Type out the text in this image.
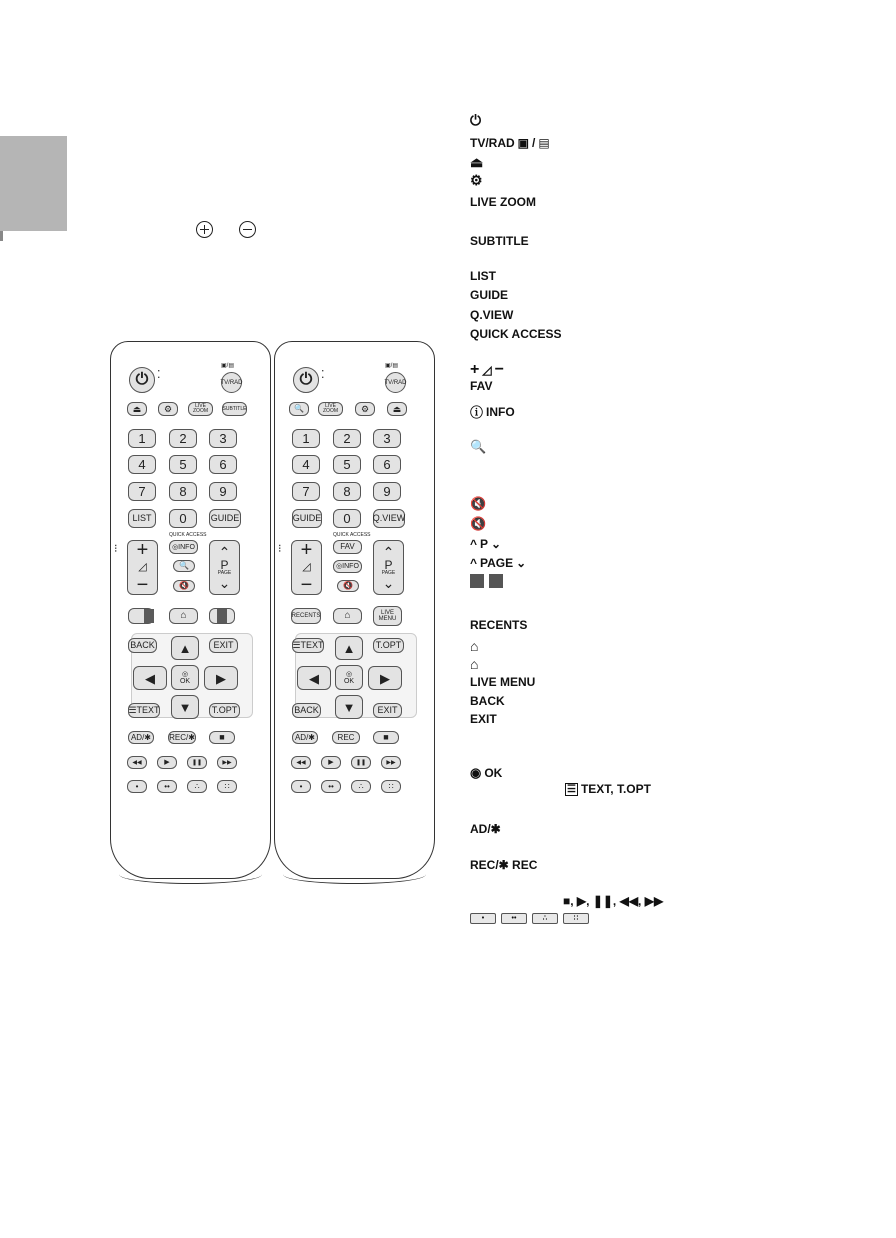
⏻ ⁚
▣/▤
TV/RAD
⏏	⚙	LIVE ZOOM	SUBTITLE
1	2	3
4	5	6
7	8	9
LIST	0	GUIDE
QUICK ACCESS
+
◿
−
◎INFO
🔍
🔇
⌃
P
PAGE
⌄
⁝
⌂
BACK	EXIT
▲
◀	◎
OK ▶
▼
☰ TEXT	T.OPT
AD/✱	REC/✱	■
◀◀	▶	❚❚	▶▶
•	••	∴	∷
⏻ ⁚
▣/▤
TV/RAD
🔍	LIVE ZOOM	⚙	⏏
1	2	3
4	5	6
7	8	9
GUIDE	0	Q.VIEW
QUICK ACCESS
+
◿
−
FAV
◎INFO
🔇
⌃
P
PAGE
⌄
⁝
RECENTS ⌂	LIVE
MENU
☰ TEXT	T.OPT
▲
◀	◎
OK ▶
▼
BACK	EXIT
AD/✱	REC	■
◀◀	▶	❚❚	▶▶
•	••	∴	∷
⏻
TV/RAD ▣ / ▤
⏏
⚙
LIVE ZOOM
SUBTITLE
LIST
GUIDE
Q.VIEW
QUICK ACCESS
+ ◿ −
FAV
ⓘ INFO
🔍
🔇
🔇
^ P ⌄
^ PAGE ⌄
RECENTS
⌂
⌂
LIVE MENU
BACK
EXIT
◉ OK
☰ TEXT, T.OPT
AD/✱
REC/✱ REC
■, ▶, ❚❚, ◀◀, ▶▶
•	••	∴	∷
